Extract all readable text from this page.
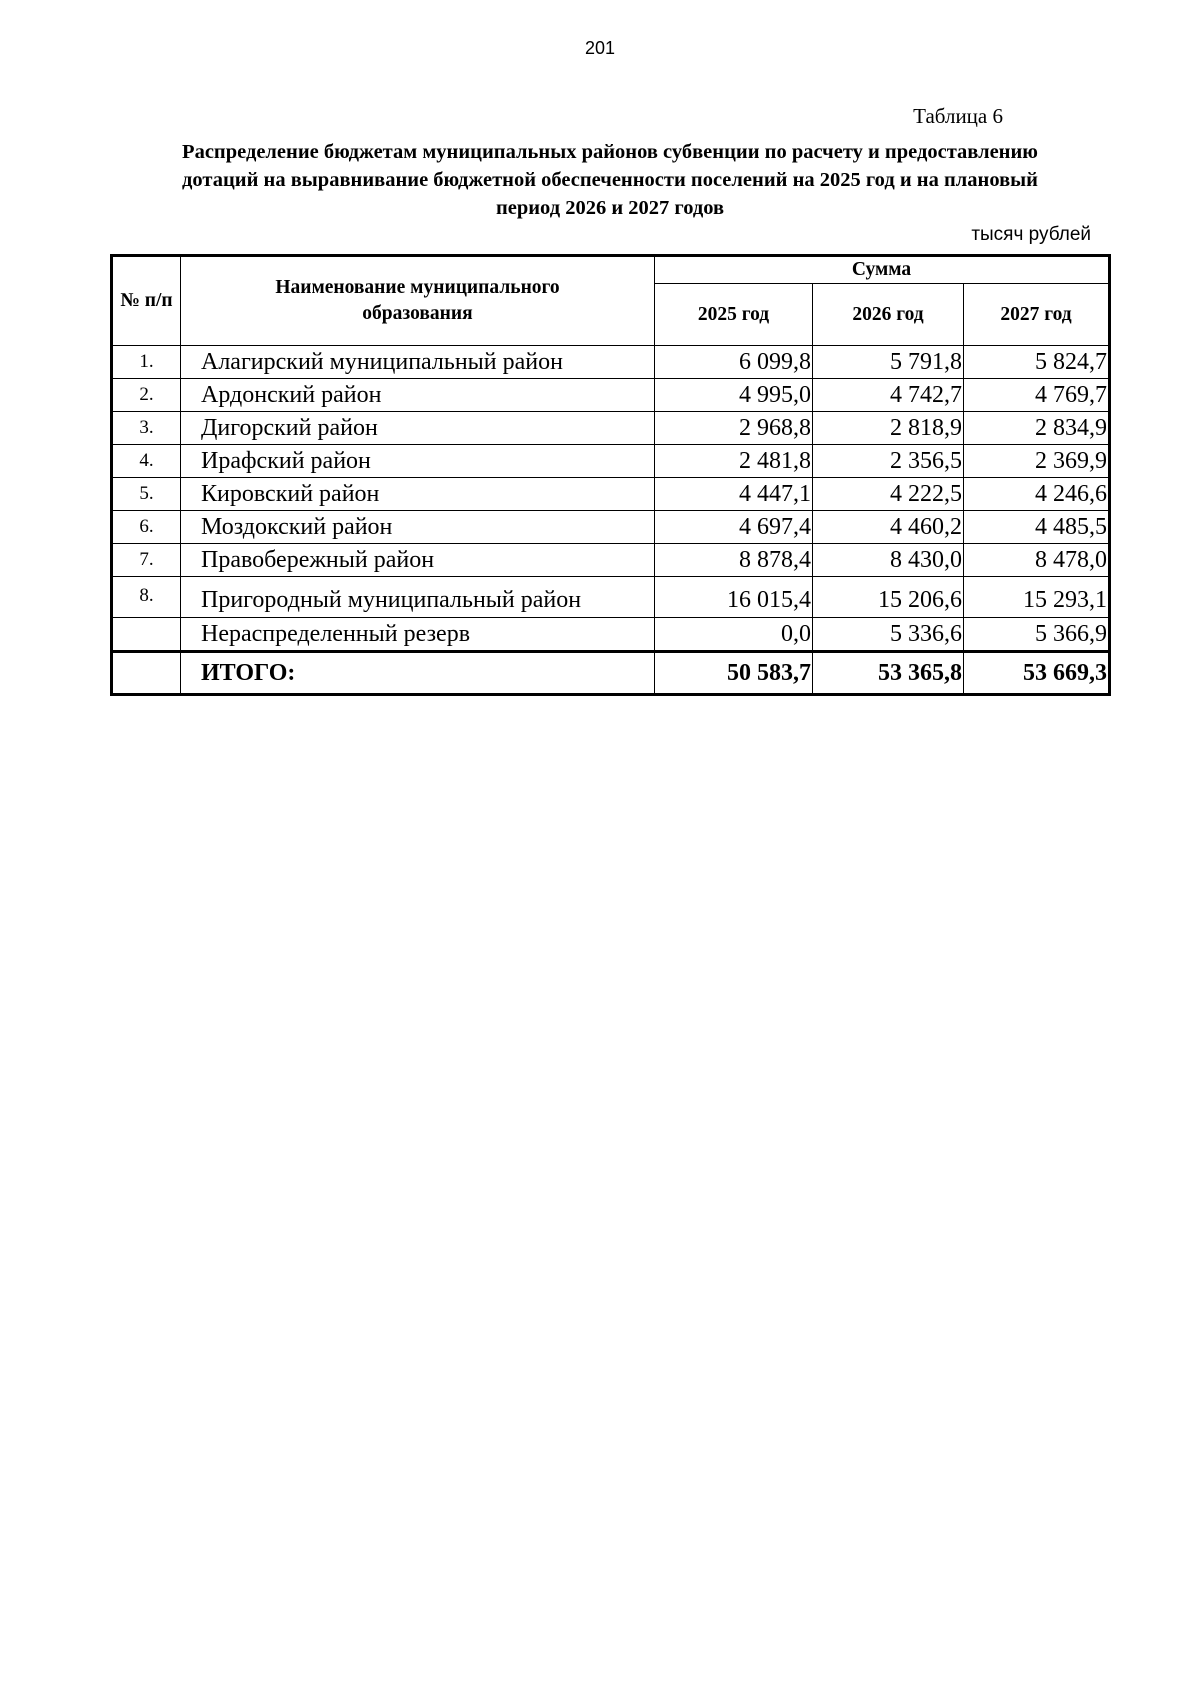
201
Таблица 6
Распределение бюджетам муниципальных районов субвенции по расчету и предоставлению
дотаций на выравнивание бюджетной обеспеченности поселений на 2025 год и на плановый
период 2026 и 2027 годов
тысяч рублей
№ п/п	Наименование муниципального образования	Сумма		
		2025 год	2026 год	2027 год
1.	Алагирский муниципальный район	6 099,8	5 791,8	5 824,7
2.	Ардонский район	4 995,0	4 742,7	4 769,7
3.	Дигорский район	2 968,8	2 818,9	2 834,9
4.	Ирафский район	2 481,8	2 356,5	2 369,9
5.	Кировский район	4 447,1	4 222,5	4 246,6
6.	Моздокский район	4 697,4	4 460,2	4 485,5
7.	Правобережный район	8 878,4	8 430,0	8 478,0
8.	Пригородный муниципальный район	16 015,4	15 206,6	15 293,1
	Нераспределенный резерв	0,0	5 336,6	5 366,9
	ИТОГО:	50 583,7	53 365,8	53 669,3
